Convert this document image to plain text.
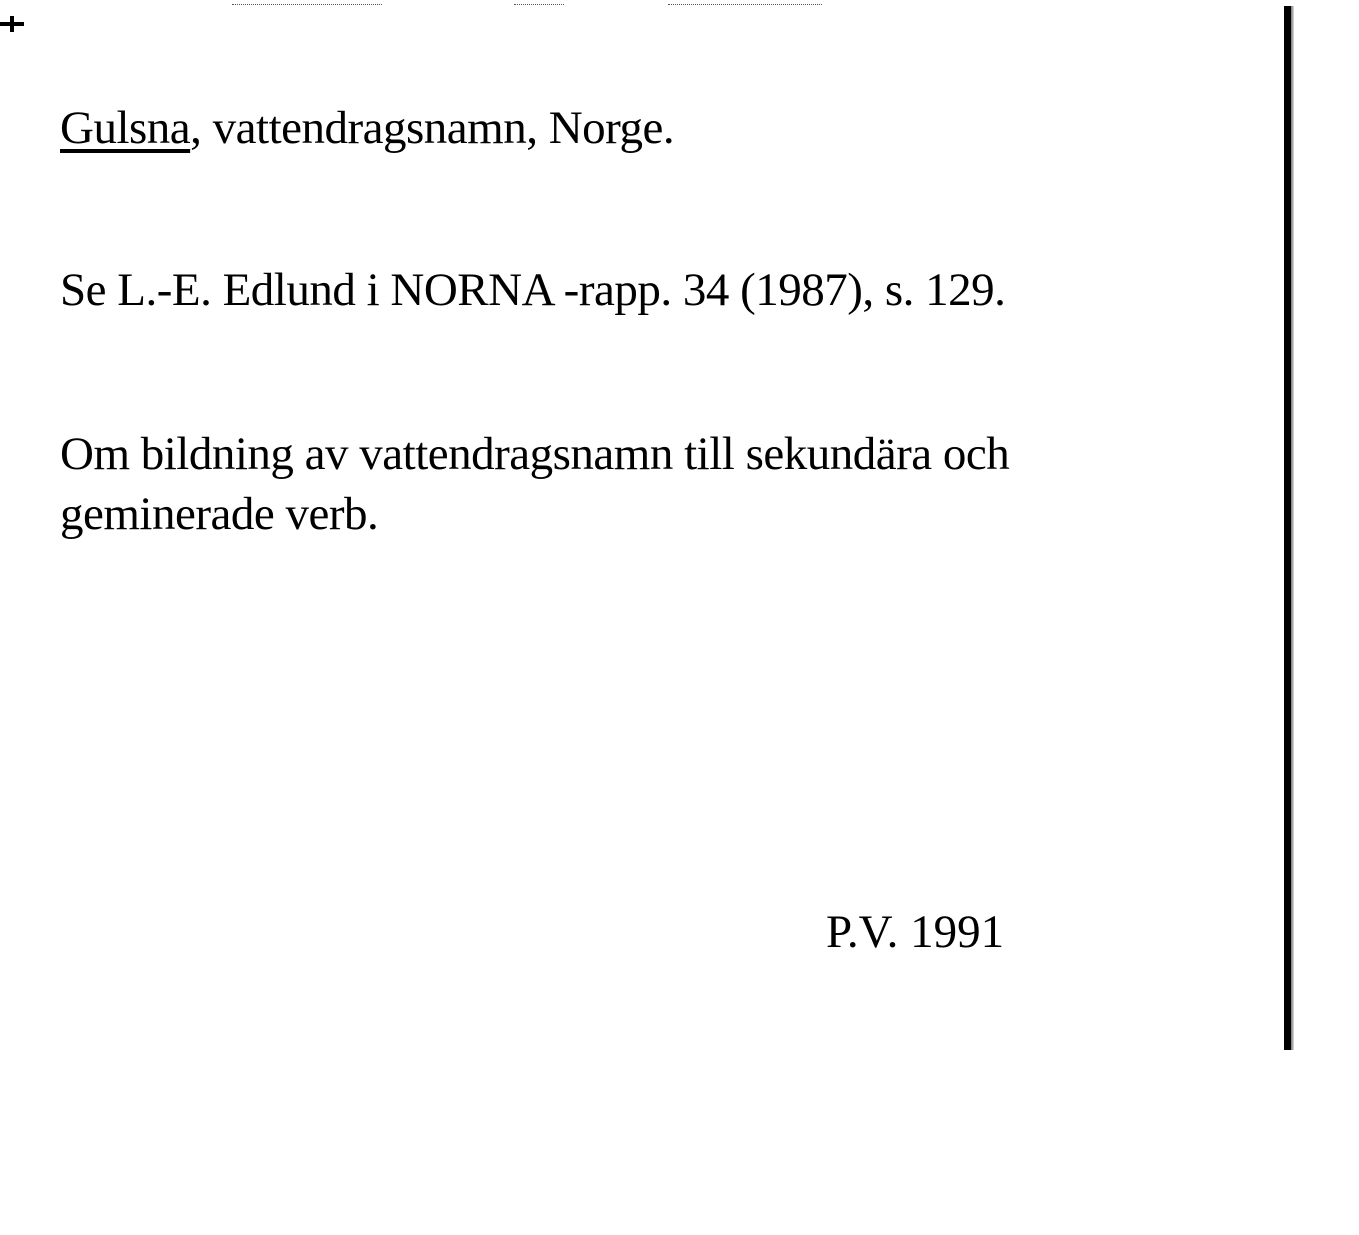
Gulsna, vattendragsnamn, Norge.
Se L.-E. Edlund i NORNA -rapp. 34 (1987), s. 129.
Om bildning av vattendragsnamn till sekundära och
geminerade verb.
P.V. 1991
